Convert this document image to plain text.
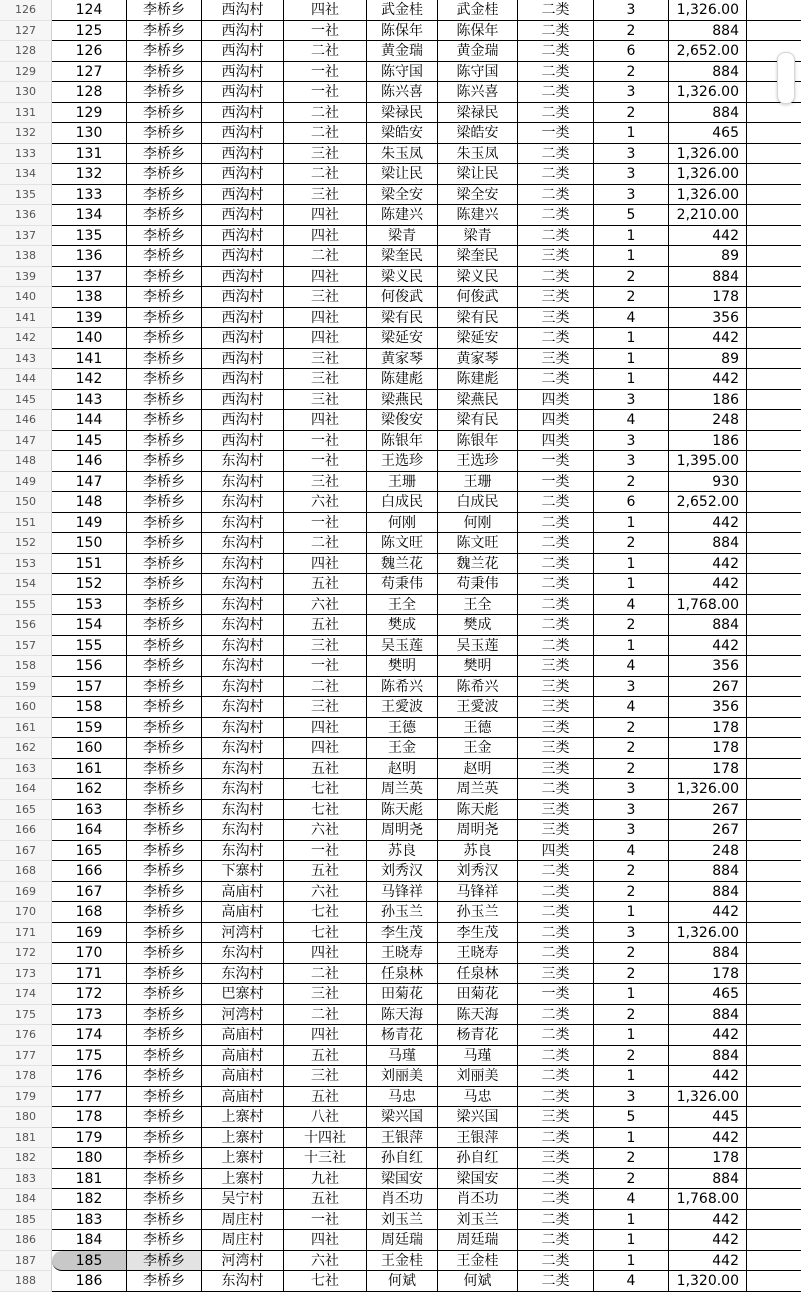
126	124	李桥乡	西沟村	四社	武金桂	武金桂	二类	3	1,326.00
127	125	李桥乡	西沟村	一社	陈保年	陈保年	二类	2	884
128	126	李桥乡	西沟村	二社	黄金瑞	黄金瑞	二类	6	2,652.00
129	127	李桥乡	西沟村	一社	陈守国	陈守国	二类	2	884
130	128	李桥乡	西沟村	一社	陈兴喜	陈兴喜	二类	3	1,326.00
131	129	李桥乡	西沟村	二社	梁禄民	梁禄民	二类	2	884
132	130	李桥乡	西沟村	二社	梁皓安	梁皓安	一类	1	465
133	131	李桥乡	西沟村	三社	朱玉凤	朱玉凤	二类	3	1,326.00
134	132	李桥乡	西沟村	二社	梁让民	梁让民	二类	3	1,326.00
135	133	李桥乡	西沟村	三社	梁全安	梁全安	二类	3	1,326.00
136	134	李桥乡	西沟村	四社	陈建兴	陈建兴	二类	5	2,210.00
137	135	李桥乡	西沟村	四社	梁青	梁青	二类	1	442
138	136	李桥乡	西沟村	二社	梁奎民	梁奎民	三类	1	89
139	137	李桥乡	西沟村	四社	梁义民	梁义民	二类	2	884
140	138	李桥乡	西沟村	三社	何俊武	何俊武	三类	2	178
141	139	李桥乡	西沟村	四社	梁有民	梁有民	三类	4	356
142	140	李桥乡	西沟村	四社	梁延安	梁延安	二类	1	442
143	141	李桥乡	西沟村	三社	黄家琴	黄家琴	三类	1	89
144	142	李桥乡	西沟村	三社	陈建彪	陈建彪	二类	1	442
145	143	李桥乡	西沟村	三社	梁燕民	梁燕民	四类	3	186
146	144	李桥乡	西沟村	四社	梁俊安	梁有民	四类	4	248
147	145	李桥乡	西沟村	一社	陈银年	陈银年	四类	3	186
148	146	李桥乡	东沟村	一社	王选珍	王选珍	一类	3	1,395.00
149	147	李桥乡	东沟村	三社	王珊	王珊	一类	2	930
150	148	李桥乡	东沟村	六社	白成民	白成民	二类	6	2,652.00
151	149	李桥乡	东沟村	一社	何刚	何刚	二类	1	442
152	150	李桥乡	东沟村	二社	陈文旺	陈文旺	二类	2	884
153	151	李桥乡	东沟村	四社	魏兰花	魏兰花	二类	1	442
154	152	李桥乡	东沟村	五社	苟秉伟	苟秉伟	二类	1	442
155	153	李桥乡	东沟村	六社	王全	王全	二类	4	1,768.00
156	154	李桥乡	东沟村	五社	樊成	樊成	二类	2	884
157	155	李桥乡	东沟村	三社	吴玉莲	吴玉莲	二类	1	442
158	156	李桥乡	东沟村	一社	樊明	樊明	三类	4	356
159	157	李桥乡	东沟村	二社	陈希兴	陈希兴	三类	3	267
160	158	李桥乡	东沟村	三社	王愛波	王愛波	三类	4	356
161	159	李桥乡	东沟村	四社	王德	王德	三类	2	178
162	160	李桥乡	东沟村	四社	王金	王金	三类	2	178
163	161	李桥乡	东沟村	五社	赵明	赵明	三类	2	178
164	162	李桥乡	东沟村	七社	周兰英	周兰英	二类	3	1,326.00
165	163	李桥乡	东沟村	七社	陈天彪	陈天彪	三类	3	267
166	164	李桥乡	东沟村	六社	周明尧	周明尧	三类	3	267
167	165	李桥乡	东沟村	一社	苏良	苏良	四类	4	248
168	166	李桥乡	下寨村	五社	刘秀汉	刘秀汉	二类	2	884
169	167	李桥乡	高庙村	六社	马锋祥	马锋祥	二类	2	884
170	168	李桥乡	高庙村	七社	孙玉兰	孙玉兰	二类	1	442
171	169	李桥乡	河湾村	七社	李生茂	李生茂	二类	3	1,326.00
172	170	李桥乡	东沟村	四社	王晓寿	王晓寿	二类	2	884
173	171	李桥乡	东沟村	二社	任泉林	任泉林	三类	2	178
174	172	李桥乡	巴寨村	三社	田菊花	田菊花	一类	1	465
175	173	李桥乡	河湾村	二社	陈天海	陈天海	二类	2	884
176	174	李桥乡	高庙村	四社	杨青花	杨青花	二类	1	442
177	175	李桥乡	高庙村	五社	马瑾	马瑾	二类	2	884
178	176	李桥乡	高庙村	三社	刘丽美	刘丽美	二类	1	442
179	177	李桥乡	高庙村	五社	马忠	马忠	二类	3	1,326.00
180	178	李桥乡	上寨村	八社	梁兴国	梁兴国	三类	5	445
181	179	李桥乡	上寨村	十四社	王银萍	王银萍	二类	1	442
182	180	李桥乡	上寨村	十三社	孙自红	孙自红	三类	2	178
183	181	李桥乡	上寨村	九社	梁国安	梁国安	二类	2	884
184	182	李桥乡	吴宁村	五社	肖丕功	肖丕功	二类	4	1,768.00
185	183	李桥乡	周庄村	一社	刘玉兰	刘玉兰	二类	1	442
186	184	李桥乡	周庄村	四社	周廷瑞	周廷瑞	二类	1	442
187	185	李桥乡	河湾村	六社	王金桂	王金桂	二类	1	442
188	186	李桥乡	东沟村	七社	何斌	何斌	二类	4	1,320.00
